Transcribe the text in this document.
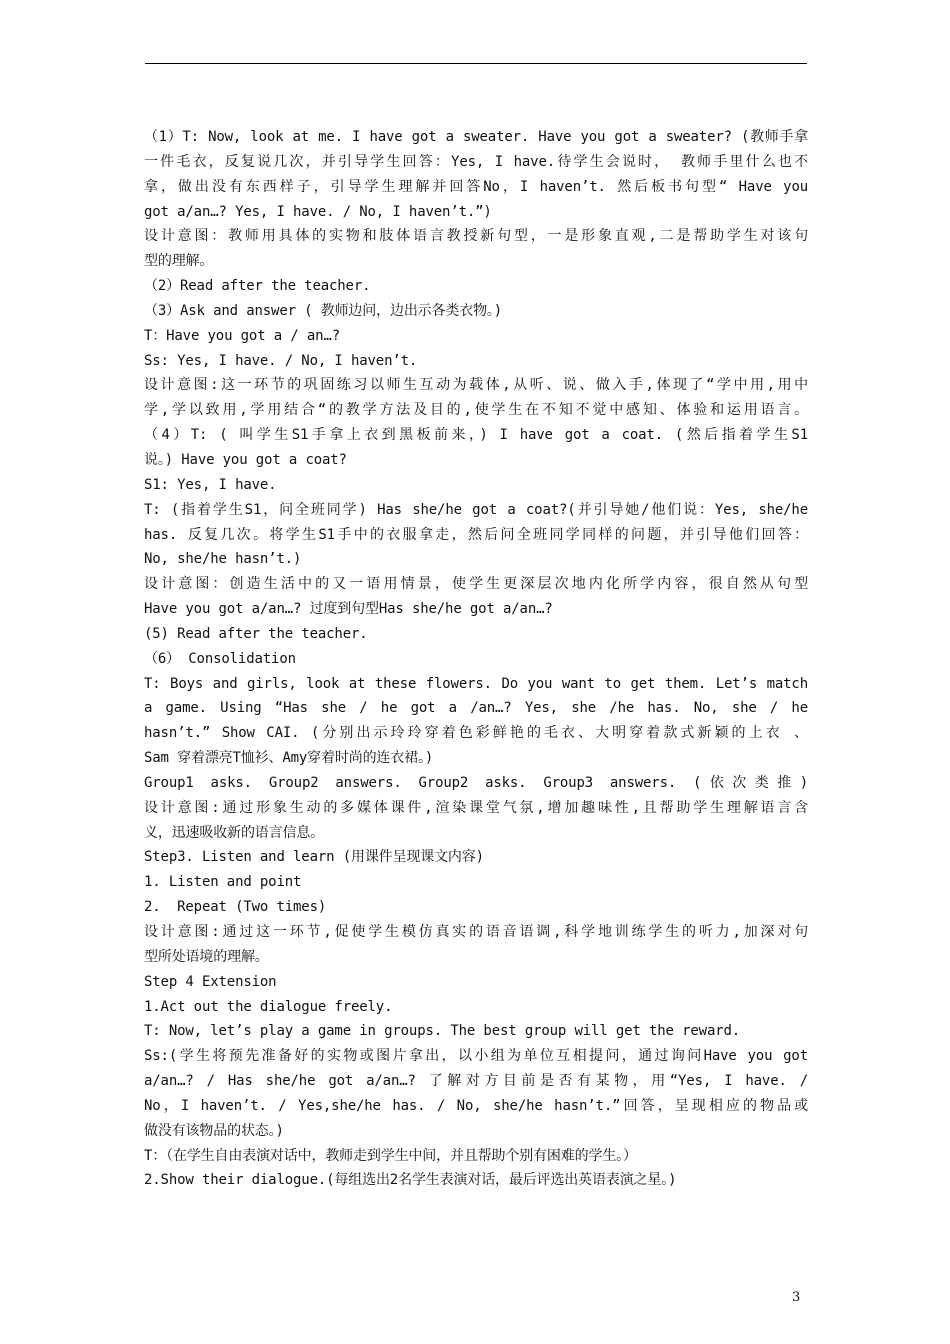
（1）T: Now, look at me. I have got a sweater. Have you got a sweater? (教师手拿
一件毛衣，反复说几次，并引导学生回答：Yes, I have.待学生会说时， 教师手里什么也不
拿，做出没有东西样子，引导学生理解并回答No，I haven’t. 然后板书句型“ Have you
got a/an…? Yes, I have. / No, I haven’t.”)
设计意图：教师用具体的实物和肢体语言教授新句型，一是形象直观,二是帮助学生对该句
型的理解。
（2）Read after the teacher.
（3）Ask and answer ( 教师边问，边出示各类衣物。)
T：Have you got a / an…?
Ss: Yes, I have. / No, I haven’t.
设计意图:这一环节的巩固练习以师生互动为载体,从听、说、做入手,体现了“学中用,用中
学,学以致用,学用结合“的教学方法及目的,使学生在不知不觉中感知、体验和运用语言。
（4）T: ( 叫学生S1手拿上衣到黑板前来，) I have got a coat. (然后指着学生S1
说。) Have you got a coat?
S1: Yes, I have.
T: (指着学生S1，问全班同学) Has she/he got a coat?(并引导她/他们说：Yes, she/he
has. 反复几次。将学生S1手中的衣服拿走，然后问全班同学同样的问题，并引导他们回答：
No, she/he hasn’t.)
设计意图：创造生活中的又一语用情景，使学生更深层次地内化所学内容，很自然从句型
Have you got a/an…? 过度到句型Has she/he got a/an…?
(5) Read after the teacher.
（6） Consolidation
T: Boys and girls, look at these flowers. Do you want to get them. Let’s match
a game. Using “Has she / he got a /an…? Yes, she /he has. No, she / he
hasn’t.” Show CAI. (分别出示玲玲穿着色彩鲜艳的毛衣、大明穿着款式新颖的上衣 、
Sam 穿着漂亮T恤衫、Amy穿着时尚的连衣裙。)
Group1 asks. Group2 answers. Group2 asks. Group3 answers. (依次类推)
设计意图:通过形象生动的多媒体课件,渲染课堂气氛,增加趣味性,且帮助学生理解语言含
义，迅速吸收新的语言信息。
Step3. Listen and learn (用课件呈现课文内容)
1. Listen and point
2.  Repeat (Two times)
设计意图:通过这一环节,促使学生模仿真实的语音语调,科学地训练学生的听力,加深对句
型所处语境的理解。
Step 4 Extension
1.Act out the dialogue freely.
T: Now, let’s play a game in groups. The best group will get the reward.
Ss:(学生将预先准备好的实物或图片拿出，以小组为单位互相提问，通过询问Have you got
a/an…? / Has she/he got a/an…? 了解对方目前是否有某物，用“Yes, I have. /
No，I haven’t. / Yes,she/he has. / No, she/he hasn’t.”回答，呈现相应的物品或
做没有该物品的状态。)
T：（在学生自由表演对话中，教师走到学生中间，并且帮助个别有困难的学生。）
2.Show their dialogue.(每组选出2名学生表演对话，最后评选出英语表演之星。)
3
